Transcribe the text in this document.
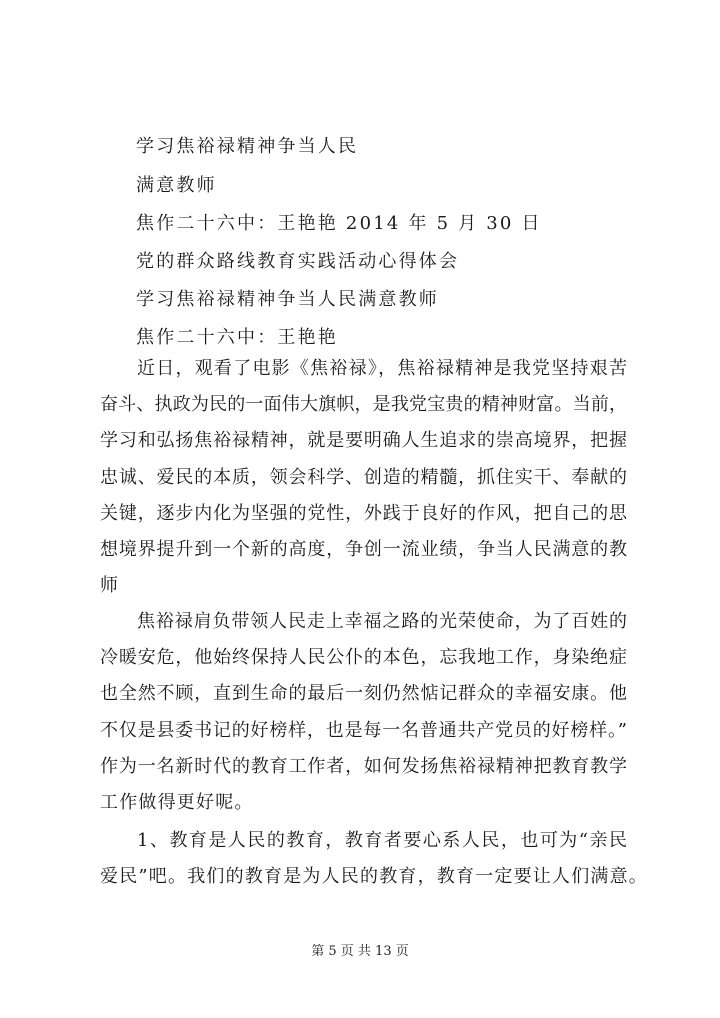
第 5 页 共 13 页
学习焦裕禄精神争当人民
满意教师
焦作二十六中：王艳艳 2014 年 5 月 30 日
党的群众路线教育实践活动心得体会
学习焦裕禄精神争当人民满意教师
焦作二十六中：王艳艳
近日，观看了电影《焦裕禄》，焦裕禄精神是我党坚持艰苦
奋斗、执政为民的一面伟大旗帜，是我党宝贵的精神财富。当前，
学习和弘扬焦裕禄精神，就是要明确人生追求的崇高境界，把握
忠诚、爱民的本质，领会科学、创造的精髓，抓住实干、奉献的
关键，逐步内化为坚强的党性，外践于良好的作风，把自己的思
想境界提升到一个新的高度，争创一流业绩，争当人民满意的教
师
焦裕禄肩负带领人民走上幸福之路的光荣使命，为了百姓的
冷暖安危，他始终保持人民公仆的本色，忘我地工作，身染绝症
也全然不顾，直到生命的最后一刻仍然惦记群众的幸福安康。他
不仅是县委书记的好榜样，也是每一名普通共产党员的好榜样。”
作为一名新时代的教育工作者，如何发扬焦裕禄精神把教育教学
工作做得更好呢。
1、教育是人民的教育，教育者要心系人民，也可为“亲民
爱民”吧。我们的教育是为人民的教育，教育一定要让人们满意。
